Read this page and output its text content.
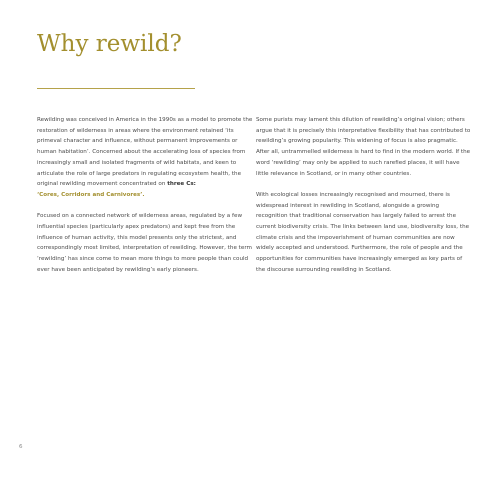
Why rewild?

Rewilding was conceived in America in the 1990s as a model to promote the restoration of wilderness in areas where the environment retained ‘its primeval character and influence, without permanent improvements or human habitation’. Concerned about the accelerating loss of species from increasingly small and isolated fragments of wild habitats, and keen to articulate the role of large predators in regulating ecosystem health, the original rewilding movement concentrated on three Cs:
‘Cores, Corridors and Carnivores’.

Focused on a connected network of wilderness areas, regulated by a few influential species (particularly apex predators) and kept free from the influence of human activity, this model presents only the strictest, and correspondingly most limited, interpretation of rewilding. However, the term ‘rewilding’ has since come to mean more things to more people than could ever have been anticipated by rewilding’s early pioneers.

Some purists may lament this dilution of rewilding’s original vision; others argue that it is precisely this interpretative flexibility that has contributed to rewilding’s growing popularity. This widening of focus is also pragmatic. After all, untrammelled wilderness is hard to find in the modern world. If the word ‘rewilding’ may only be applied to such rarefied places, it will have little relevance in Scotland, or in many other countries.

With ecological losses increasingly recognised and mourned, there is widespread interest in rewilding in Scotland, alongside a growing recognition that traditional conservation has largely failed to arrest the current biodiversity crisis. The links between land use, biodiversity loss, the climate crisis and the impoverishment of human communities are now widely accepted and understood. Furthermore, the role of people and the opportunities for communities have increasingly emerged as key parts of the discourse surrounding rewilding in Scotland.

6
